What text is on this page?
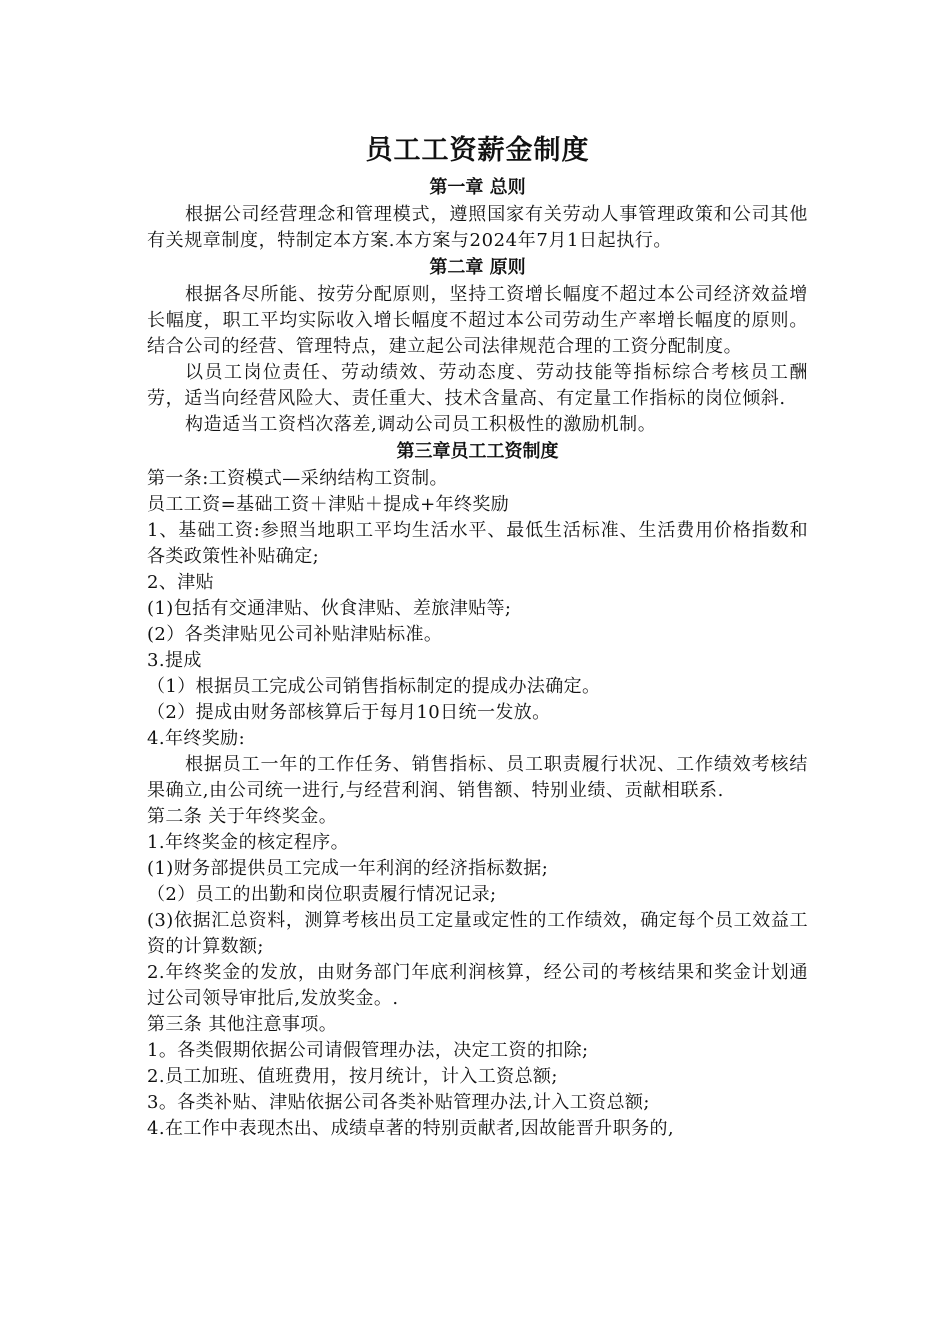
员工工资薪金制度
第一章 总则

根据公司经营理念和管理模式，遵照国家有关劳动人事管理政策和公司其他有关规章制度，特制定本方案.本方案与2024年7月1日起执行。

第二章 原则

根据各尽所能、按劳分配原则，坚持工资增长幅度不超过本公司经济效益增长幅度，职工平均实际收入增长幅度不超过本公司劳动生产率增长幅度的原则。结合公司的经营、管理特点，建立起公司法律规范合理的工资分配制度。

以员工岗位责任、劳动绩效、劳动态度、劳动技能等指标综合考核员工酬劳，适当向经营风险大、责任重大、技术含量高、有定量工作指标的岗位倾斜.

构造适当工资档次落差,调动公司员工积极性的激励机制。

第三章员工工资制度

第一条:工资模式—采纳结构工资制。

员工工资=基础工资＋津贴＋提成+年终奖励

1、基础工资:参照当地职工平均生活水平、最低生活标准、生活费用价格指数和各类政策性补贴确定;

2、津贴

(1)包括有交通津贴、伙食津贴、差旅津贴等;

(2）各类津贴见公司补贴津贴标准。

3.提成

（1）根据员工完成公司销售指标制定的提成办法确定。

（2）提成由财务部核算后于每月10日统一发放。

4.年终奖励:

根据员工一年的工作任务、销售指标、员工职责履行状况、工作绩效考核结果确立,由公司统一进行,与经营利润、销售额、特别业绩、贡献相联系.

第二条 关于年终奖金。

1.年终奖金的核定程序。

(1)财务部提供员工完成一年利润的经济指标数据;

（2）员工的出勤和岗位职责履行情况记录;

(3)依据汇总资料，测算考核出员工定量或定性的工作绩效，确定每个员工效益工资的计算数额;

2.年终奖金的发放，由财务部门年底利润核算，经公司的考核结果和奖金计划通过公司领导审批后,发放奖金。.

第三条 其他注意事项。

1。各类假期依据公司请假管理办法，决定工资的扣除;

2.员工加班、值班费用，按月统计，计入工资总额;

3。各类补贴、津贴依据公司各类补贴管理办法,计入工资总额;

4.在工作中表现杰出、成绩卓著的特别贡献者,因故能晋升职务的,
